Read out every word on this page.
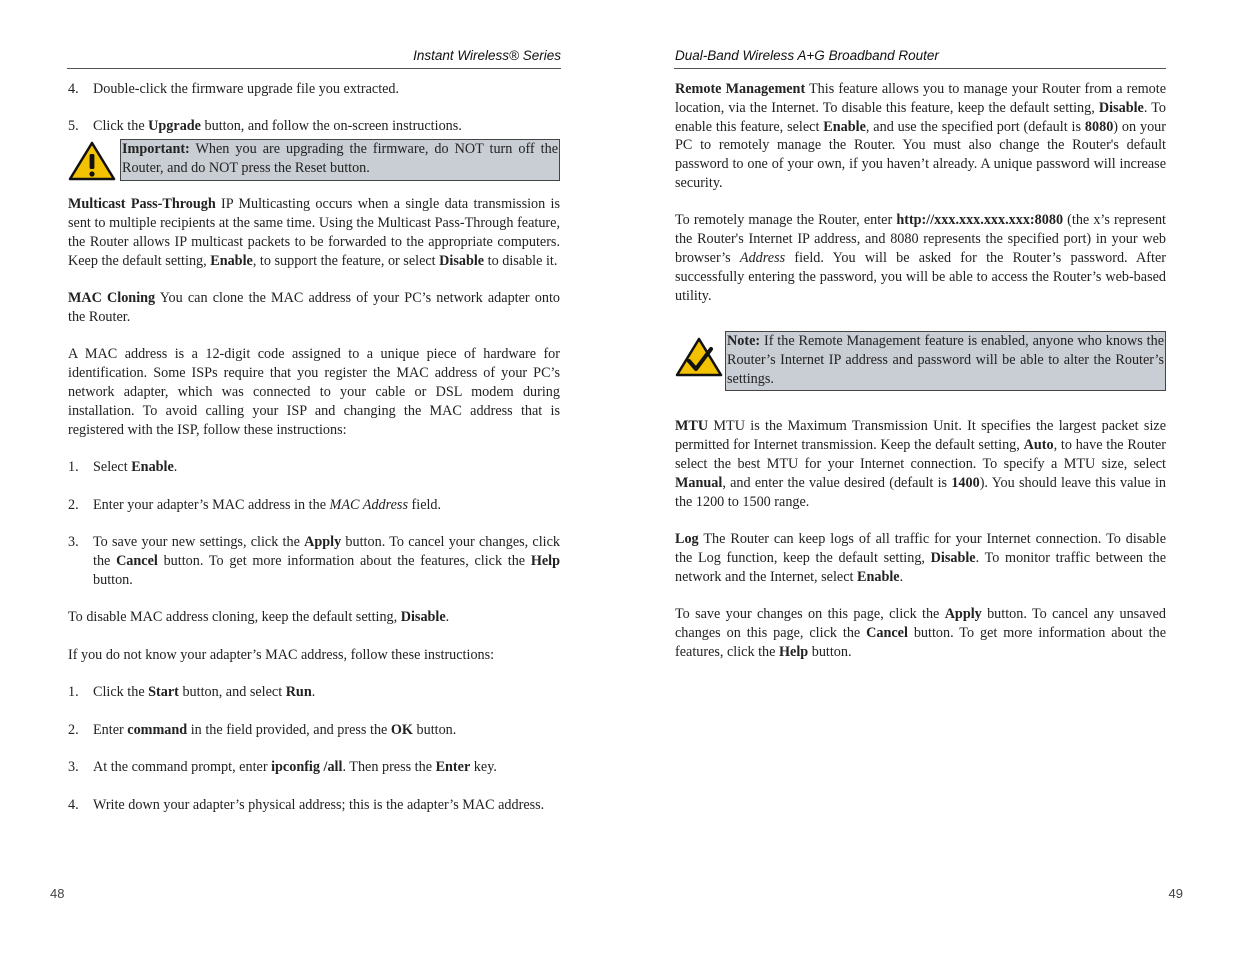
Instant Wireless® Series
4. Double-click the firmware upgrade file you extracted.
5. Click the Upgrade button, and follow the on-screen instructions.
Important: When you are upgrading the firmware, do NOT turn off the Router, and do NOT press the Reset button.

Multicast Pass-Through IP Multicasting occurs when a single data transmission is sent to multiple recipients at the same time. Using the Multicast Pass-Through feature, the Router allows IP multicast packets to be forwarded to the appropriate computers. Keep the default setting, Enable, to support the feature, or select Disable to disable it.

MAC Cloning You can clone the MAC address of your PC’s network adapter onto the Router.

A MAC address is a 12-digit code assigned to a unique piece of hardware for identification. Some ISPs require that you register the MAC address of your PC’s network adapter, which was connected to your cable or DSL modem during installation. To avoid calling your ISP and changing the MAC address that is registered with the ISP, follow these instructions:

1. Select Enable.
2. Enter your adapter’s MAC address in the MAC Address field.
3. To save your new settings, click the Apply button. To cancel your changes, click the Cancel button. To get more information about the features, click the Help button.

To disable MAC address cloning, keep the default setting, Disable.

If you do not know your adapter’s MAC address, follow these instructions:

1. Click the Start button, and select Run.
2. Enter command in the field provided, and press the OK button.
3. At the command prompt, enter ipconfig /all. Then press the Enter key.
4. Write down your adapter’s physical address; this is the adapter’s MAC address.
48
Dual-Band Wireless A+G Broadband Router

Remote Management This feature allows you to manage your Router from a remote location, via the Internet. To disable this feature, keep the default setting, Disable. To enable this feature, select Enable, and use the specified port (default is 8080) on your PC to remotely manage the Router. You must also change the Router's default password to one of your own, if you haven’t already. A unique password will increase security.

To remotely manage the Router, enter http://xxx.xxx.xxx.xxx:8080 (the x’s represent the Router's Internet IP address, and 8080 represents the specified port) in your web browser’s Address field. You will be asked for the Router’s password. After successfully entering the password, you will be able to access the Router’s web-based utility.

Note: If the Remote Management feature is enabled, anyone who knows the Router’s Internet IP address and password will be able to alter the Router’s settings.

MTU MTU is the Maximum Transmission Unit. It specifies the largest packet size permitted for Internet transmission. Keep the default setting, Auto, to have the Router select the best MTU for your Internet connection. To specify a MTU size, select Manual, and enter the value desired (default is 1400). You should leave this value in the 1200 to 1500 range.

Log The Router can keep logs of all traffic for your Internet connection. To disable the Log function, keep the default setting, Disable. To monitor traffic between the network and the Internet, select Enable.

To save your changes on this page, click the Apply button. To cancel any unsaved changes on this page, click the Cancel button. To get more information about the features, click the Help button.

49
